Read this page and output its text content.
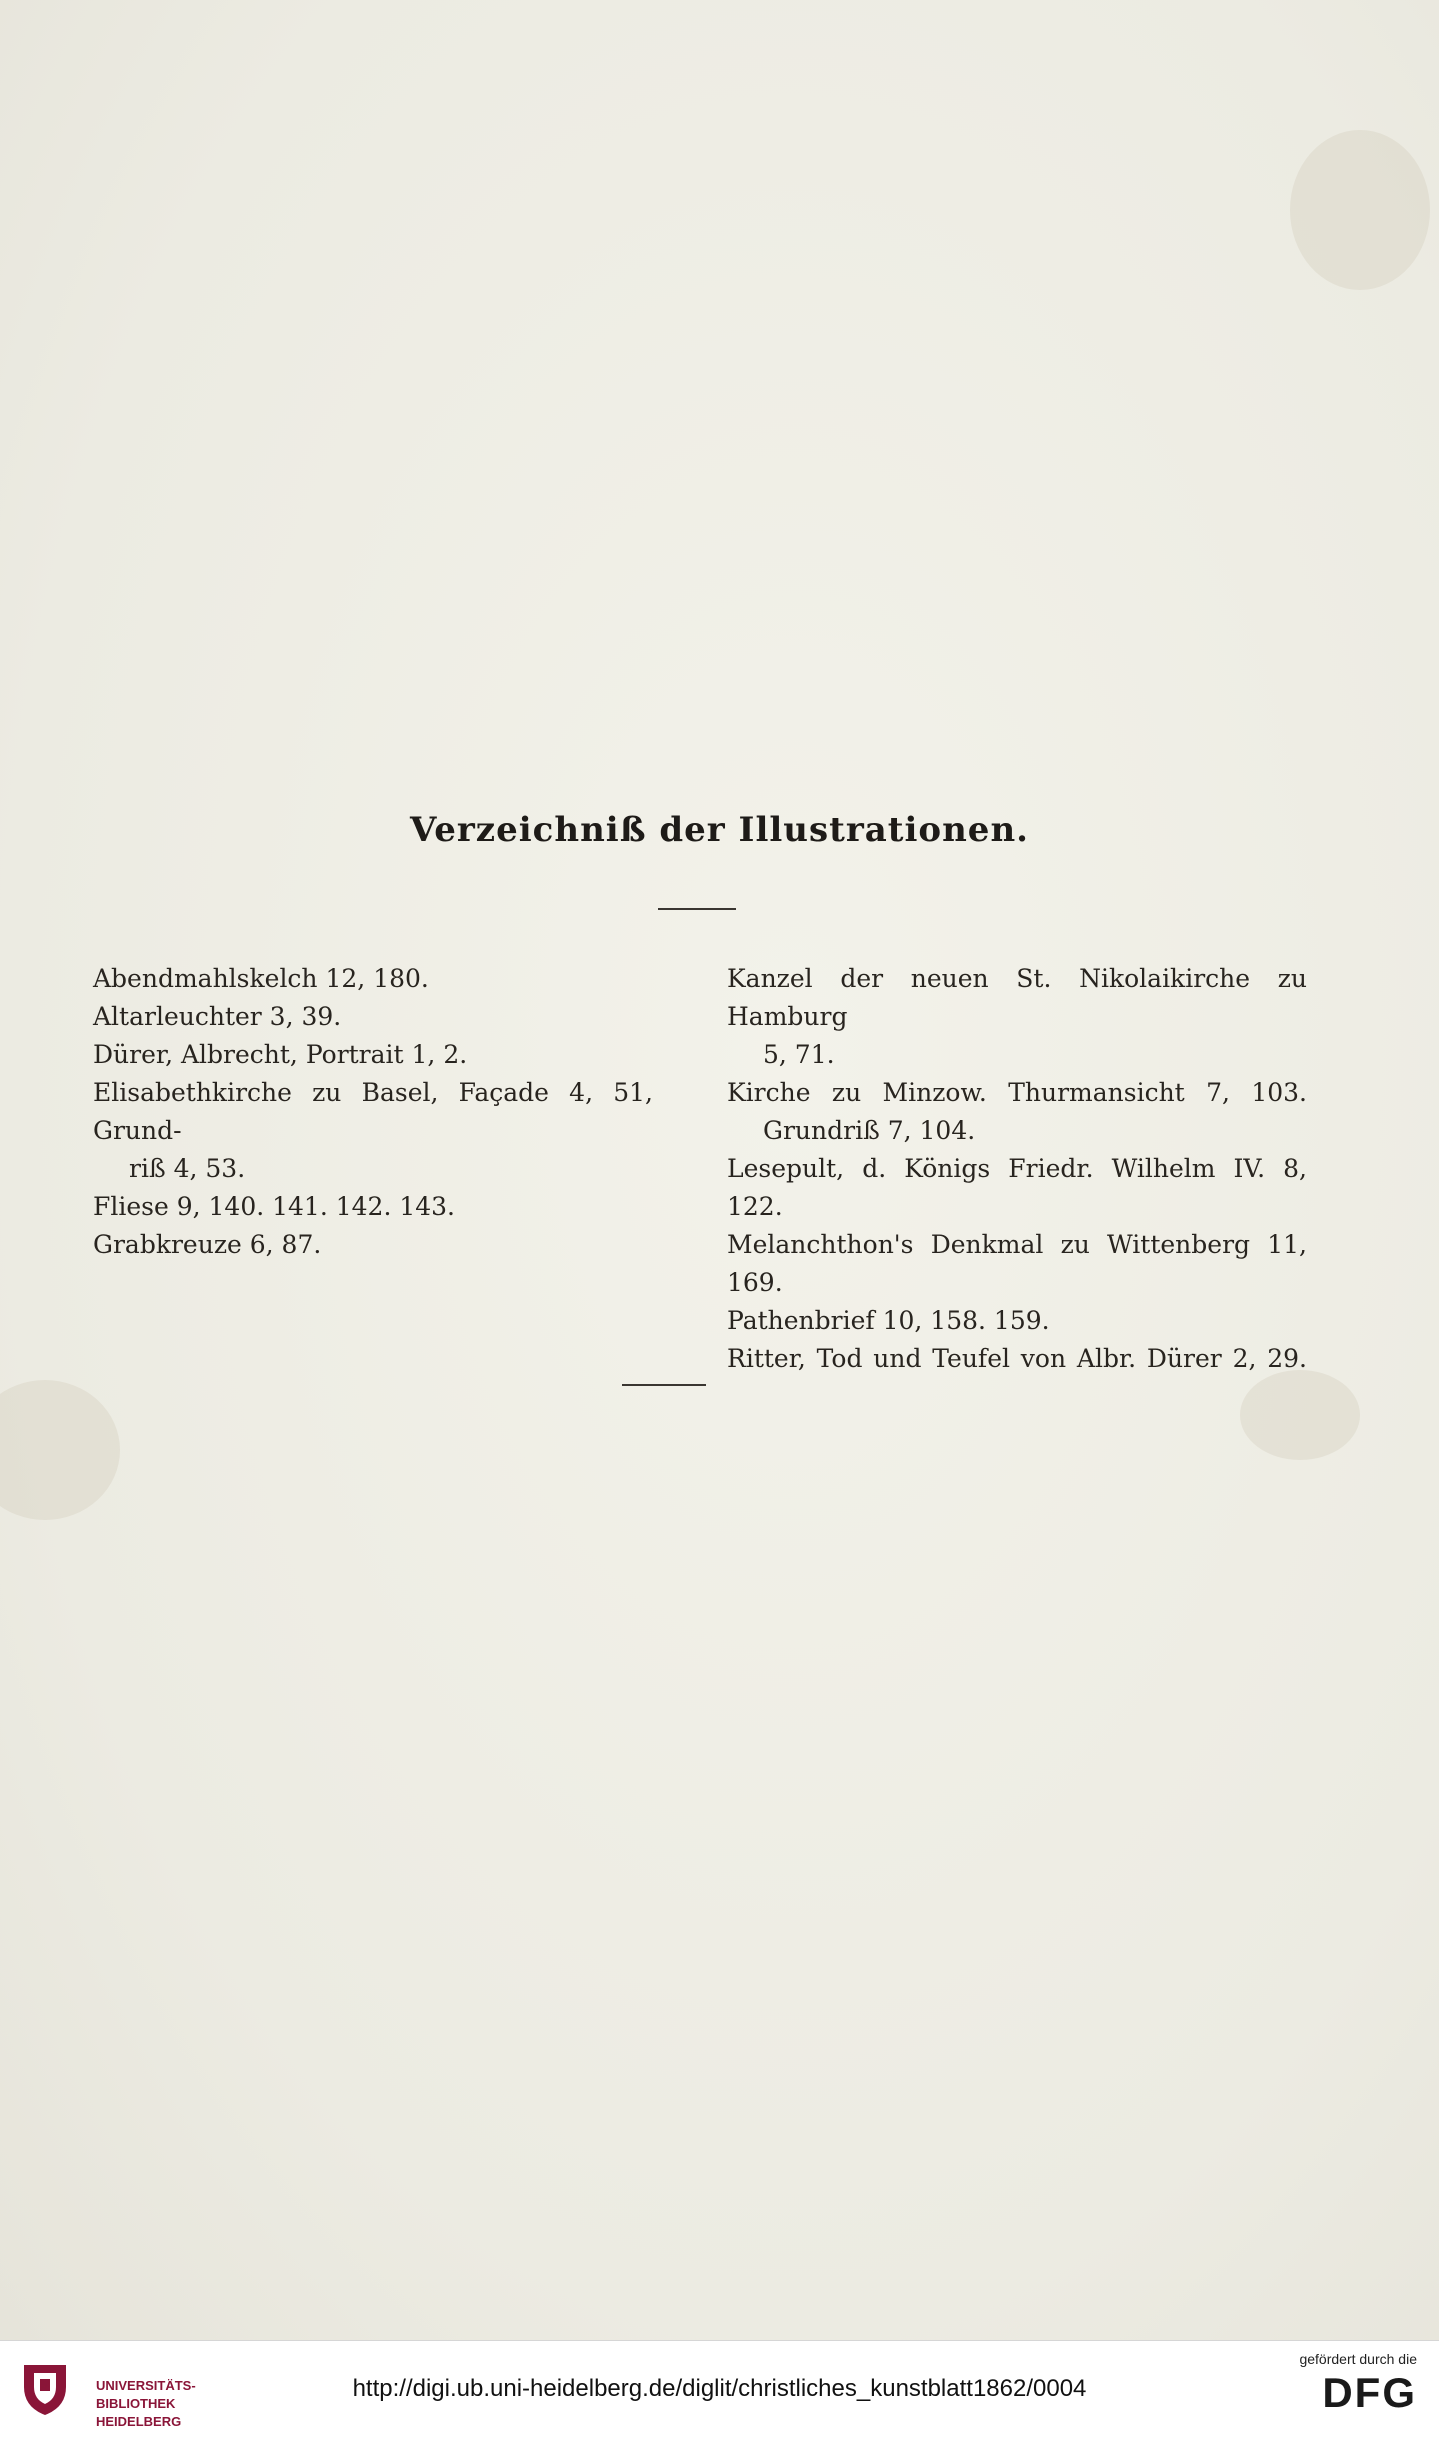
Verzeichniß der Illustrationen.
Abendmahlskelch 12, 180.
Altarleuchter 3, 39.
Dürer, Albrecht, Portrait 1, 2.
Elisabethkirche zu Basel, Façade 4, 51, Grund-
riß 4, 53.
Fliese 9, 140. 141. 142. 143.
Grabkreuze 6, 87.
Kanzel der neuen St. Nikolaikirche zu Hamburg
5, 71.
Kirche zu Minzow. Thurmansicht 7, 103.
Grundriß 7, 104.
Lesepult, d. Königs Friedr. Wilhelm IV. 8, 122.
Melanchthon's Denkmal zu Wittenberg 11, 169.
Pathenbrief 10, 158. 159.
Ritter, Tod und Teufel von Albr. Dürer 2, 29.
UNIVERSITÄTS-
BIBLIOTHEK
HEIDELBERG
http://digi.ub.uni-heidelberg.de/diglit/christliches_kunstblatt1862/0004
gefördert durch die
DFG
